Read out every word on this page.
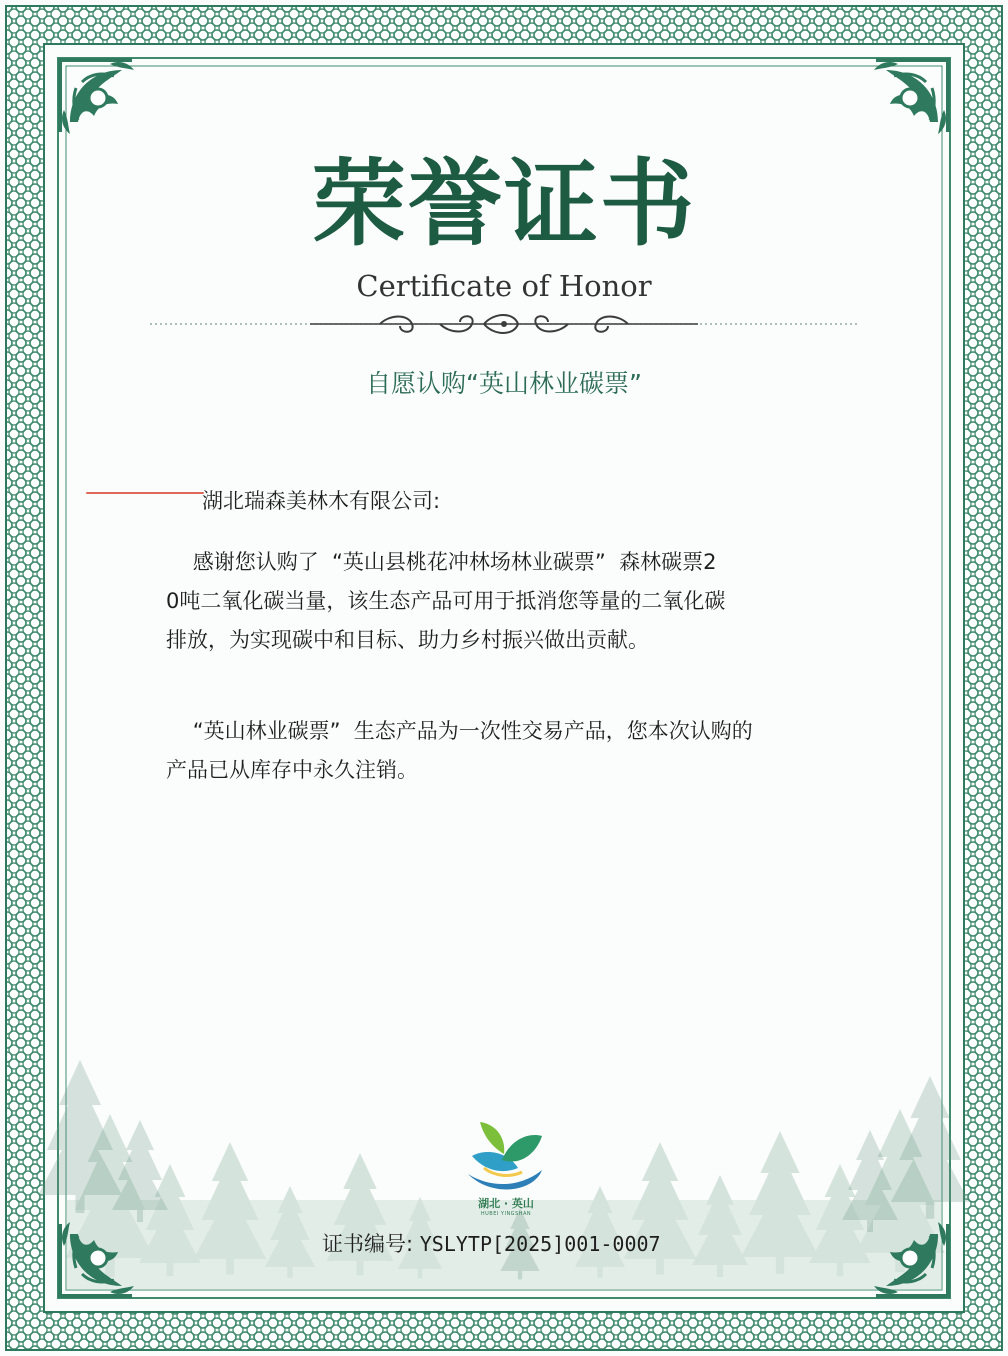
荣誉证书
Certificate of Honor
自愿认购“英山林业碳票”
湖北瑞森美林木有限公司:
感谢您认购了  “英山县桃花冲林场林业碳票”  森林碳票2
0吨二氧化碳当量，该生态产品可用于抵消您等量的二氧化碳
排放，为实现碳中和目标、助力乡村振兴做出贡献。
“英山林业碳票”  生态产品为一次性交易产品，您本次认购的
产品已从库存中永久注销。
湖北 · 英山
HUBEI YINGSHAN
证书编号: YSLYTP[2025]001-0007
